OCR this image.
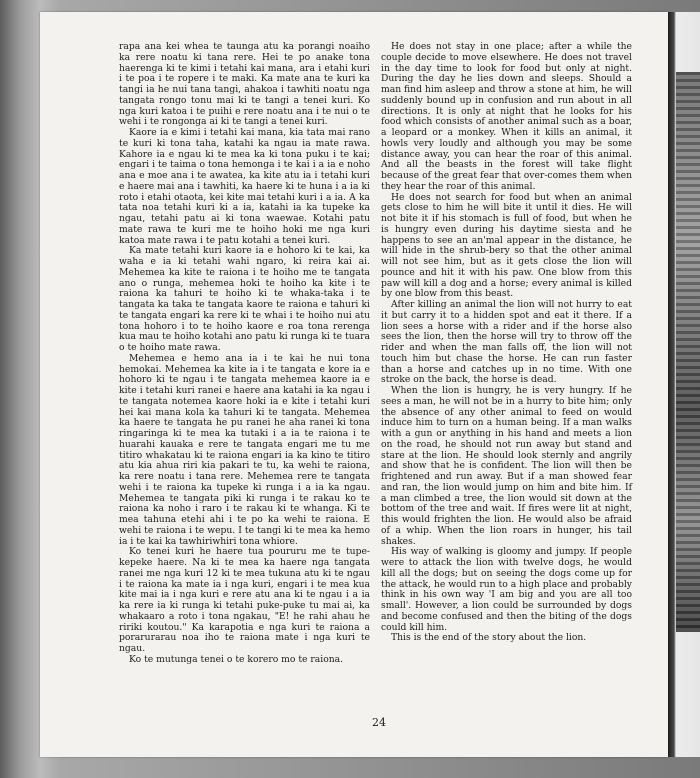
rapa ana kei whea te taunga atu ka porangi noaiho ka rere noatu ki tana rere. Hei te po anake tona haerenga ki te kimi i tetahi kai mana, ara i etahi kuri i te poa i te ropere i te maki. Ka mate ana te kuri ka tangi ia he nui tana tangi, ahakoa i tawhiti noatu nga tangata rongo tonu mai ki te tangi a tenei kuri. Ko nga kuri katoa i te puihi e rere noatu ana i te nui o te wehi i te rongonga ai ki te tangi a tenei kuri.

Kaore ia e kimi i tetahi kai mana, kia tata mai rano te kuri ki tona taha, katahi ka ngau ia mate rawa. Kahore ia e ngau ki te mea ka ki tona puku i te kai; engari i te taima o tona hemonga i te kai i a ia e noho ana e moe ana i te awatea, ka kite atu ia i tetahi kuri e haere mai ana i tawhiti, ka haere ki te huna i a ia ki roto i etahi otaota, kei kite mai tetahi kuri i a ia. A ka tata noa tetahi kuri ki a ia, katahi ia ka tupeke ka ngau, tetahi patu ai ki tona waewae. Kotahi patu mate rawa te kuri me te hoiho hoki me nga kuri katoa mate rawa i te patu kotahi a tenei kuri.

Ka mate tetahi kuri kaore ia e hohoro ki te kai, ka waha e ia ki tetahi wahi ngaro, ki reira kai ai. Mehemea ka kite te raiona i te hoiho me te tangata ano o runga, mehemea hoki te hoiho ka kite i te raiona ka tahuri te hoiho ki te whaka-taka i te tangata ka taka te tangata kaore te raiona e tahuri ki te tangata engari ka rere ki te whai i te hoiho nui atu tona hohoro i to te hoiho kaore e roa tona rerenga kua mau te hoiho kotahi ano patu ki runga ki te tuara o te hoiho mate rawa.

Mehemea e hemo ana ia i te kai he nui tona hemokai. Mehemea ka kite ia i te tangata e kore ia e hohoro ki te ngau i te tangata mehemea kaore ia e kite i tetahi kuri ranei e haere ana katahi ia ka ngau i te tangata notemea kaore hoki ia e kite i tetahi kuri hei kai mana kola ka tahuri ki te tangata. Mehemea ka haere te tangata he pu ranei he aha ranei ki tona ringaringa ki te mea ka tutaki i a ia te raiona i te huarahi kauaka e rere te tangata engari me tu me titiro whakatau ki te raiona engari ia ka kino te titiro atu kia ahua riri kia pakari te tu, ka wehi te raiona, ka rere noatu i tana rere. Mehemea rere te tangata wehi i te raiona ka tupeke ki runga i a ia ka ngau. Mehemea te tangata piki ki runga i te rakau ko te raiona ka noho i raro i te rakau ki te whanga. Ki te mea tahuna etehi ahi i te po ka wehi te raiona. E wehi te raiona i te wepu. I te tangi ki te mea ka hemo ia i te kai ka tawhiriwhiri tona whiore.

Ko tenei kuri he haere tua poururu me te tupe-kepeke haere. Na ki te mea ka haere nga tangata ranei me nga kuri 12 ki te mea tukuna atu ki te ngau i te raiona ka mate ia i nga kuri, engari i te mea kua kite mai ia i nga kuri e rere atu ana ki te ngau i a ia ka rere ia ki runga ki tetahi puke-puke tu mai ai, ka whakaaro a roto i tona ngakau, "E! he rahi ahau he ririki koutou." Ka karapotia e nga kuri te raiona a porarurarau noa iho te raiona mate i nga kuri te ngau.

Ko te mutunga tenei o te korero mo te raiona.

He does not stay in one place; after a while the couple decide to move elsewhere. He does not travel in the day time to look for food but only at night. During the day he lies down and sleeps. Should a man find him asleep and throw a stone at him, he will suddenly bound up in confusion and run about in all directions. It is only at night that he looks for his food which consists of another animal such as a boar, a leopard or a monkey. When it kills an animal, it howls very loudly and although you may be some distance away, you can hear the roar of this animal. And all the beasts in the forest will take flight because of the great fear that over-comes them when they hear the roar of this animal.

He does not search for food but when an animal gets close to him he will bite it until it dies. He will not bite it if his stomach is full of food, but when he is hungry even during his daytime siesta and he happens to see an an'mal appear in the distance, he will hide in the shrub-bery so that the other animal will not see him, but as it gets close the lion will pounce and hit it with his paw. One blow from this paw will kill a dog and a horse; every animal is killed by one blow from this beast.

After killing an animal the lion will not hurry to eat it but carry it to a hidden spot and eat it there. If a lion sees a horse with a rider and if the horse also sees the lion, then the horse will try to throw off the rider and when the man falls off, the lion will not touch him but chase the horse. He can run faster than a horse and catches up in no time. With one stroke on the back, the horse is dead.

When the lion is hungry, he is very hungry. If he sees a man, he will not be in a hurry to bite him; only the absence of any other animal to feed on would induce him to turn on a human being. If a man walks with a gun or anything in his hand and meets a lion on the road, he should not run away but stand and stare at the lion. He should look sternly and angrily and show that he is confident. The lion will then be frightened and run away. But if a man showed fear and ran, the lion would jump on him and bite him. If a man climbed a tree, the lion would sit down at the bottom of the tree and wait. If fires were lit at night, this would frighten the lion. He would also be afraid of a whip. When the lion roars in hunger, his tail shakes.

His way of walking is gloomy and jumpy. If people were to attack the lion with twelve dogs, he would kill all the dogs; but on seeing the dogs come up for the attack, he would run to a high place and probably think in his own way 'I am big and you are all too small'. However, a lion could be surrounded by dogs and become confused and then the biting of the dogs could kill him.

This is the end of the story about the lion.

24
